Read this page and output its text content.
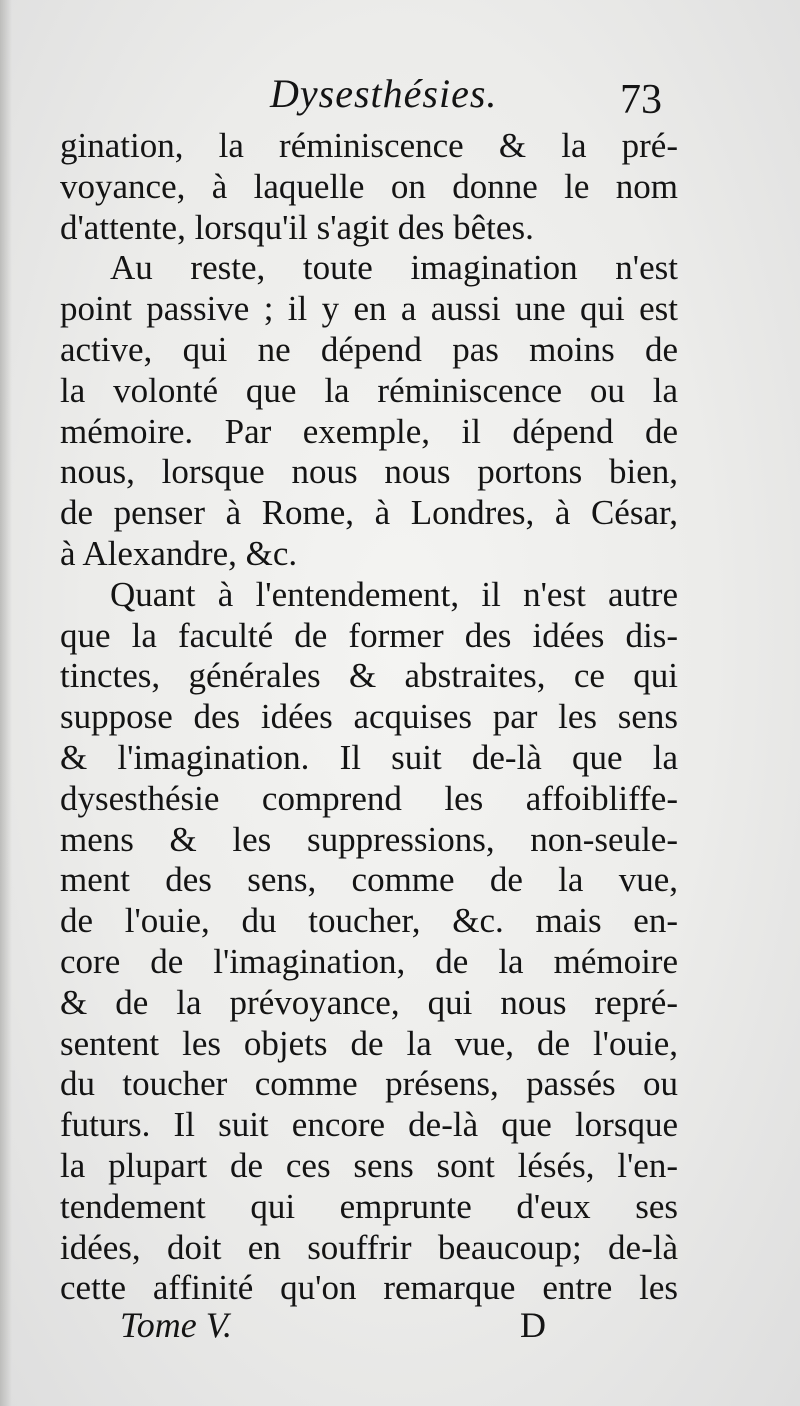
Dysesthésies.	73
gination, la réminiscence & la pré-
voyance, à laquelle on donne le nom
d'attente, lorsqu'il s'agit des bêtes.
Au reste, toute imagination n'est
point passive ; il y en a aussi une qui est
active, qui ne dépend pas moins de
la volonté que la réminiscence ou la
mémoire. Par exemple, il dépend de
nous, lorsque nous nous portons bien,
de penser à Rome, à Londres, à César,
à Alexandre, &c.
Quant à l'entendement, il n'est autre
que la faculté de former des idées dis-
tinctes, générales & abstraites, ce qui
suppose des idées acquises par les sens
& l'imagination. Il suit de-là que la
dysesthésie comprend les affoibliffe-
mens & les suppressions, non-seule-
ment des sens, comme de la vue,
de l'ouie, du toucher, &c. mais en-
core de l'imagination, de la mémoire
& de la prévoyance, qui nous repré-
sentent les objets de la vue, de l'ouie,
du toucher comme présens, passés ou
futurs. Il suit encore de-là que lorsque
la plupart de ces sens sont lésés, l'en-
tendement qui emprunte d'eux ses
idées, doit en souffrir beaucoup; de-là
cette affinité qu'on remarque entre les
Tome V.	D
